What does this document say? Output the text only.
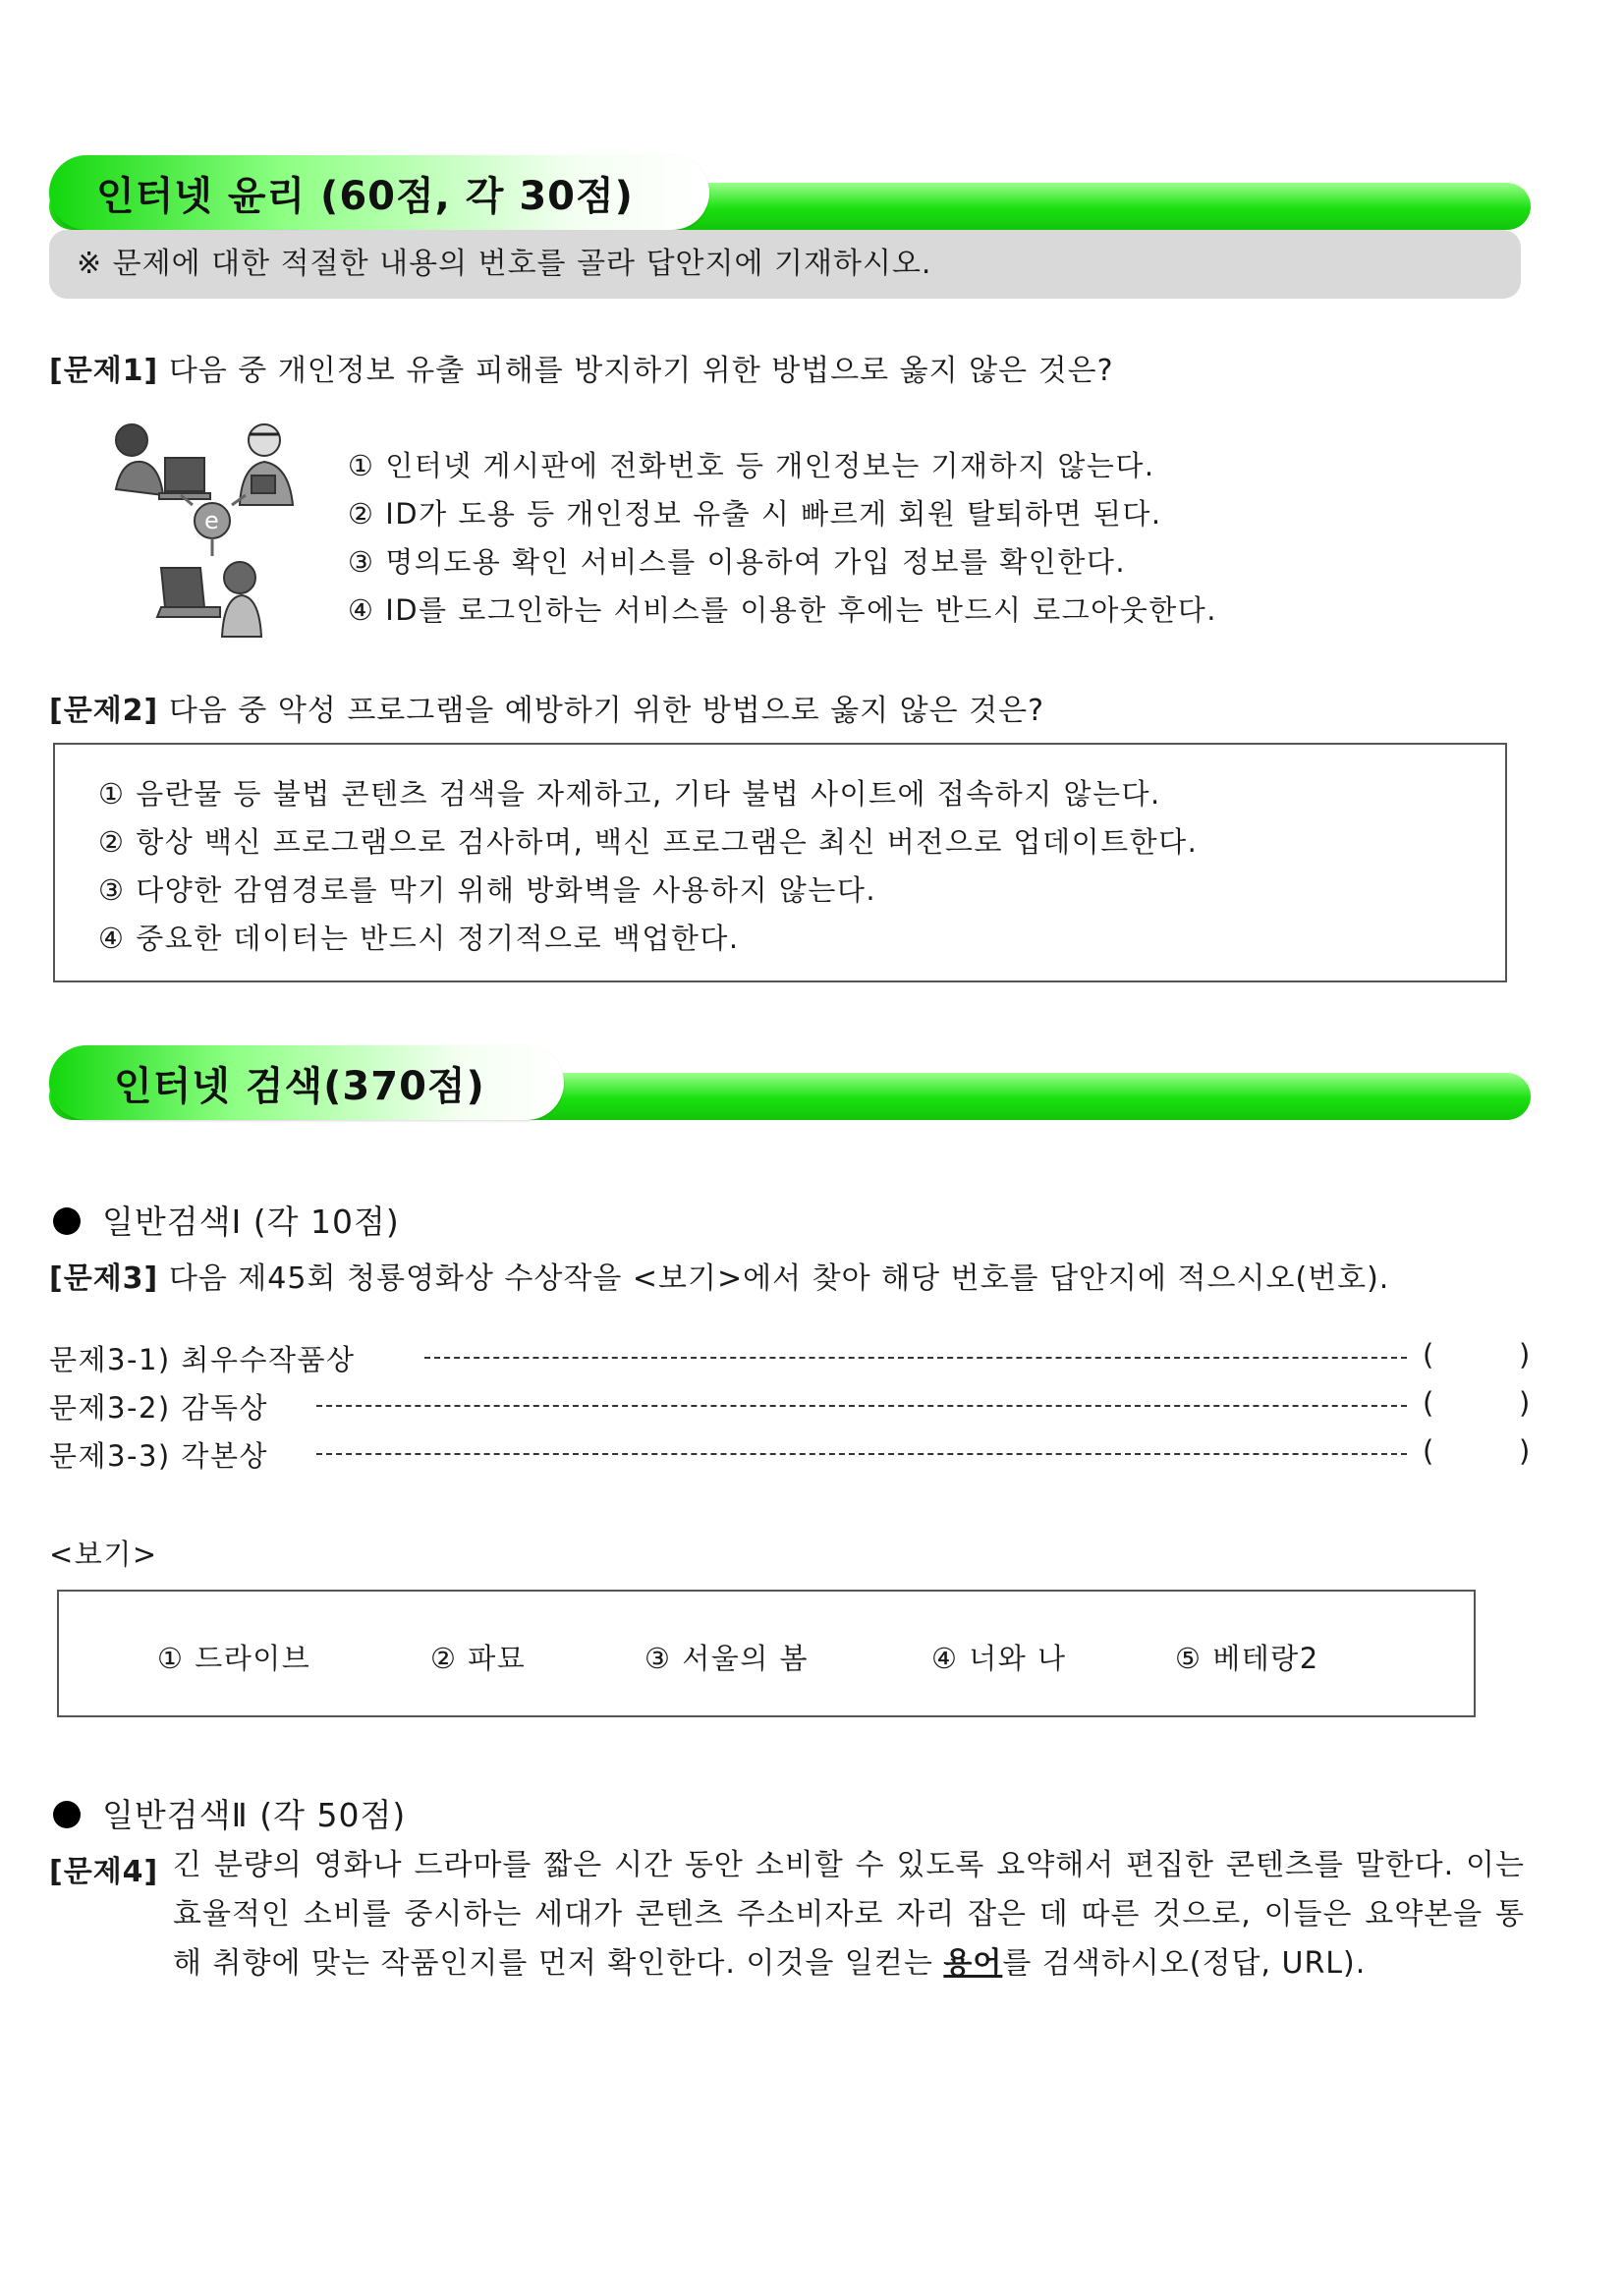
인터넷 윤리 (60점, 각 30점)
※ 문제에 대한 적절한 내용의 번호를 골라 답안지에 기재하시오.
[문제1] 다음 중 개인정보 유출 피해를 방지하기 위한 방법으로 옳지 않은 것은?
e
① 인터넷 게시판에 전화번호 등 개인정보는 기재하지 않는다.
② ID가 도용 등 개인정보 유출 시 빠르게 회원 탈퇴하면 된다.
③ 명의도용 확인 서비스를 이용하여 가입 정보를 확인한다.
④ ID를 로그인하는 서비스를 이용한 후에는 반드시 로그아웃한다.
[문제2] 다음 중 악성 프로그램을 예방하기 위한 방법으로 옳지 않은 것은?
① 음란물 등 불법 콘텐츠 검색을 자제하고, 기타 불법 사이트에 접속하지 않는다.
② 항상 백신 프로그램으로 검사하며, 백신 프로그램은 최신 버전으로 업데이트한다.
③ 다양한 감염경로를 막기 위해 방화벽을 사용하지 않는다.
④ 중요한 데이터는 반드시 정기적으로 백업한다.
인터넷 검색(370점)
일반검색Ⅰ (각 10점)
[문제3] 다음 제45회 청룡영화상 수상작을 <보기>에서 찾아 해당 번호를 답안지에 적으시오(번호).
문제3-1) 최우수작품상	(	)
문제3-2) 감독상	(	)
문제3-3) 각본상	(	)
<보기>
① 드라이브	② 파묘	③ 서울의 봄	④ 너와 나	⑤ 베테랑2
일반검색Ⅱ (각 50점)
[문제4] 긴 분량의 영화나 드라마를 짧은 시간 동안 소비할 수 있도록 요약해서 편집한 콘텐츠를 말한다. 이는 효율적인 소비를 중시하는 세대가 콘텐츠 주소비자로 자리 잡은 데 따른 것으로, 이들은 요약본을 통해 취향에 맞는 작품인지를 먼저 확인한다. 이것을 일컫는 용어를 검색하시오(정답, URL).
